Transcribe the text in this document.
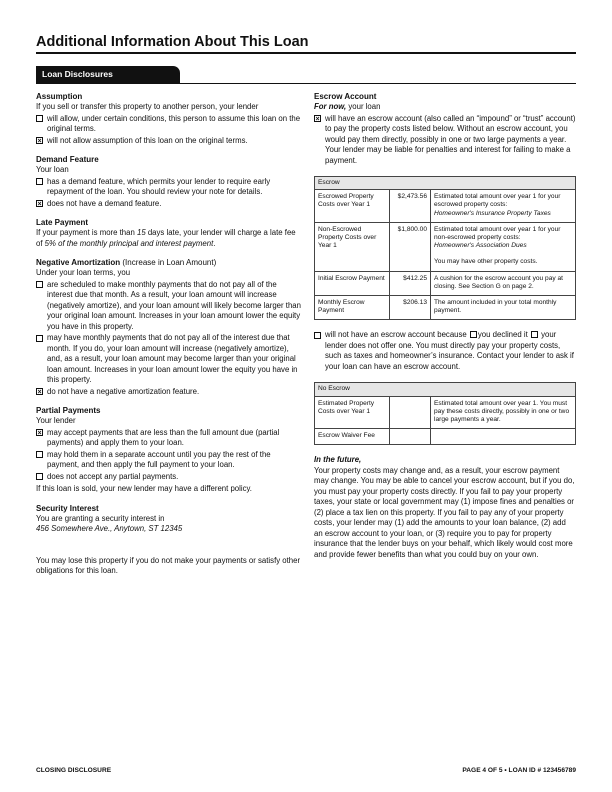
Additional Information About This Loan
Loan Disclosures
Assumption

If you sell or transfer this property to another person, your lender

will allow, under certain conditions, this person to assume this loan on the original terms.
× will not allow assumption of this loan on the original terms.
Demand Feature

Your loan

has a demand feature, which permits your lender to require early repayment of the loan. You should review your note for details.
× does not have a demand feature.
Late Payment

If your payment is more than 15 days late, your lender will charge a late fee of 5% of the monthly principal and interest payment.

Negative Amortization (Increase in Loan Amount)

Under your loan terms, you

are scheduled to make monthly payments that do not pay all of the interest due that month. As a result, your loan amount will increase (negatively amortize), and your loan amount will likely become larger than your original loan amount. Increases in your loan amount lower the equity you have in this property.
may have monthly payments that do not pay all of the interest due that month. If you do, your loan amount will increase (negatively amortize), and, as a result, your loan amount may become larger than your original loan amount. Increases in your loan amount lower the equity you have in this property.
× do not have a negative amortization feature.
Partial Payments

Your lender

× may accept payments that are less than the full amount due (partial payments) and apply them to your loan.
may hold them in a separate account until you pay the rest of the payment, and then apply the full payment to your loan.
does not accept any partial payments.

If this loan is sold, your new lender may have a different policy.

Security Interest

You are granting a security interest in

456 Somewhere Ave., Anytown, ST 12345

You may lose this property if you do not make your payments or satisfy other obligations for this loan.

Escrow Account

For now, your loan

× will have an escrow account (also called an “impound” or “trust” account) to pay the property costs listed below. Without an escrow account, you would pay them directly, possibly in one or two large payments a year. Your lender may be liable for penalties and interest for failing to make a payment.
Escrow		
Escrowed Property Costs over Year 1	$2,473.56	Estimated total amount over year 1 for your escrowed property costs:
Homeowner's Insurance Property Taxes

Non-Escrowed Property Costs over Year 1	$1,800.00	Estimated total amount over year 1 for your non-escrowed property costs:
Homeowner's Association Dues
You may have other property costs.

Initial Escrow Payment	$412.25	A cushion for the escrow account you pay at closing. See Section G on page 2.
Monthly Escrow Payment	$206.13	The amount included in your total monthly payment.
will not have an escrow account because you declined it  your lender does not offer one. You must directly pay your property costs, such as taxes and homeowner’s insurance. Contact your lender to ask if your loan can have an escrow account.
No Escrow		
Estimated Property Costs over Year 1		Estimated total amount over year 1. You must pay these costs directly, possibly in one or two large payments a year.
Escrow Waiver Fee		

In the future,

Your property costs may change and, as a result, your escrow payment may change. You may be able to cancel your escrow account, but if you do, you must pay your property costs directly. If you fail to pay your property taxes, your state or local government may (1) impose fines and penalties or (2) place a tax lien on this property. If you fail to pay any of your property costs, your lender may (1) add the amounts to your loan balance, (2) add an escrow account to your loan, or (3) require you to pay for property insurance that the lender buys on your behalf, which likely would cost more and provide fewer benefits than what you could buy on your own.

CLOSING DISCLOSURE	PAGE 4 OF 5 • LOAN ID # 123456789
